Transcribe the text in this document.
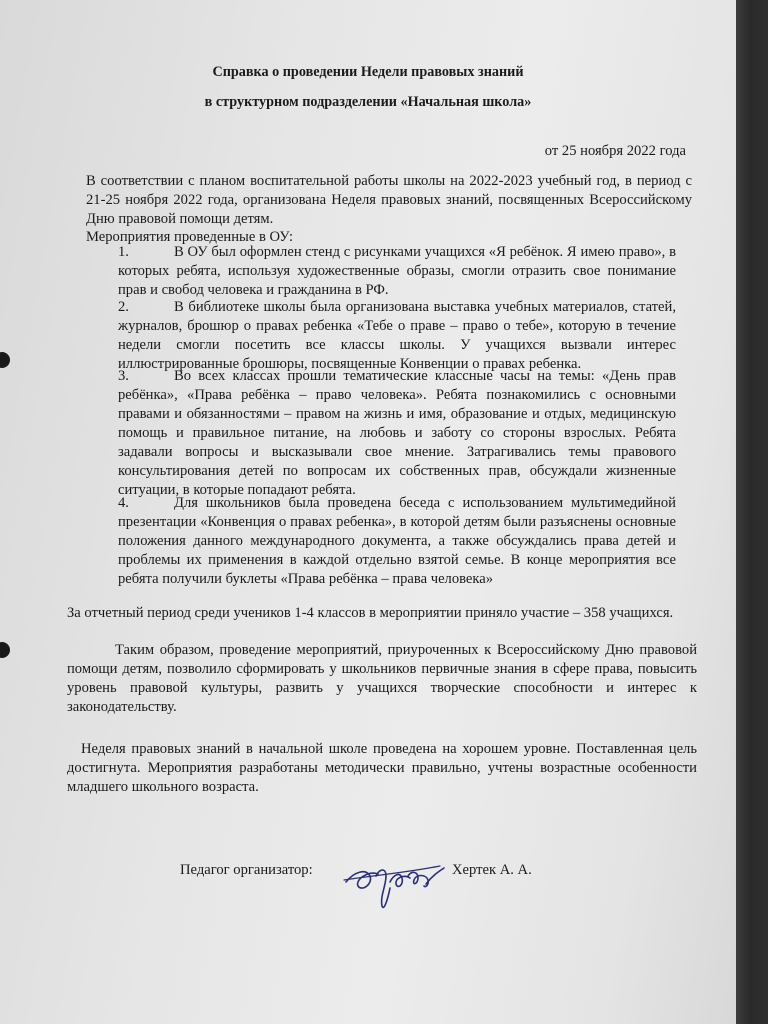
Справка о проведении Недели правовых знаний
в структурном подразделении «Начальная школа»
от 25 ноября 2022 года
В соответствии с планом воспитательной работы школы на 2022-2023 учебный год, в период с 21-25 ноября 2022 года, организована Неделя правовых знаний, посвященных Всероссийскому Дню правовой помощи детям.
Мероприятия проведенные в ОУ:
1.	В ОУ был оформлен стенд с рисунками учащихся «Я ребёнок. Я имею право», в которых ребята, используя художественные образы, смогли отразить свое понимание прав и свобод человека и гражданина в РФ.
2.	В библиотеке школы была организована выставка учебных материалов, статей, журналов, брошюр о правах ребенка «Тебе о праве – право о тебе», которую в течение недели смогли посетить все классы школы. У учащихся вызвали интерес иллюстрированные брошюры, посвященные Конвенции о правах ребенка.
3.	Во всех классах прошли тематические классные часы на темы: «День прав ребёнка», «Права ребёнка – право человека». Ребята познакомились с основными правами и обязанностями – правом на жизнь и имя, образование и отдых, медицинскую помощь и правильное питание, на любовь и заботу со стороны взрослых. Ребята задавали вопросы и высказывали свое мнение. Затрагивались темы правового консультирования детей по вопросам их собственных прав, обсуждали жизненные ситуации, в которые попадают ребята.
4.	Для школьников была проведена беседа с использованием мультимедийной презентации «Конвенция о правах ребенка», в которой детям были разъяснены основные положения данного международного документа, а также обсуждались права детей и проблемы их применения в каждой отдельно взятой семье. В конце мероприятия все ребята получили буклеты «Права ребёнка – права человека»
За отчетный период среди учеников 1-4 классов в мероприятии приняло участие – 358 учащихся.
Таким образом, проведение мероприятий, приуроченных к Всероссийскому Дню правовой помощи детям, позволило сформировать у школьников первичные знания в сфере права, повысить уровень правовой культуры, развить у учащихся творческие способности и интерес к законодательству.
Неделя правовых знаний в начальной школе проведена на хорошем уровне. Поставленная цель достигнута. Мероприятия разработаны методически правильно, учтены возрастные особенности младшего школьного возраста.
Педагог организатор:	Хертек А. А.
